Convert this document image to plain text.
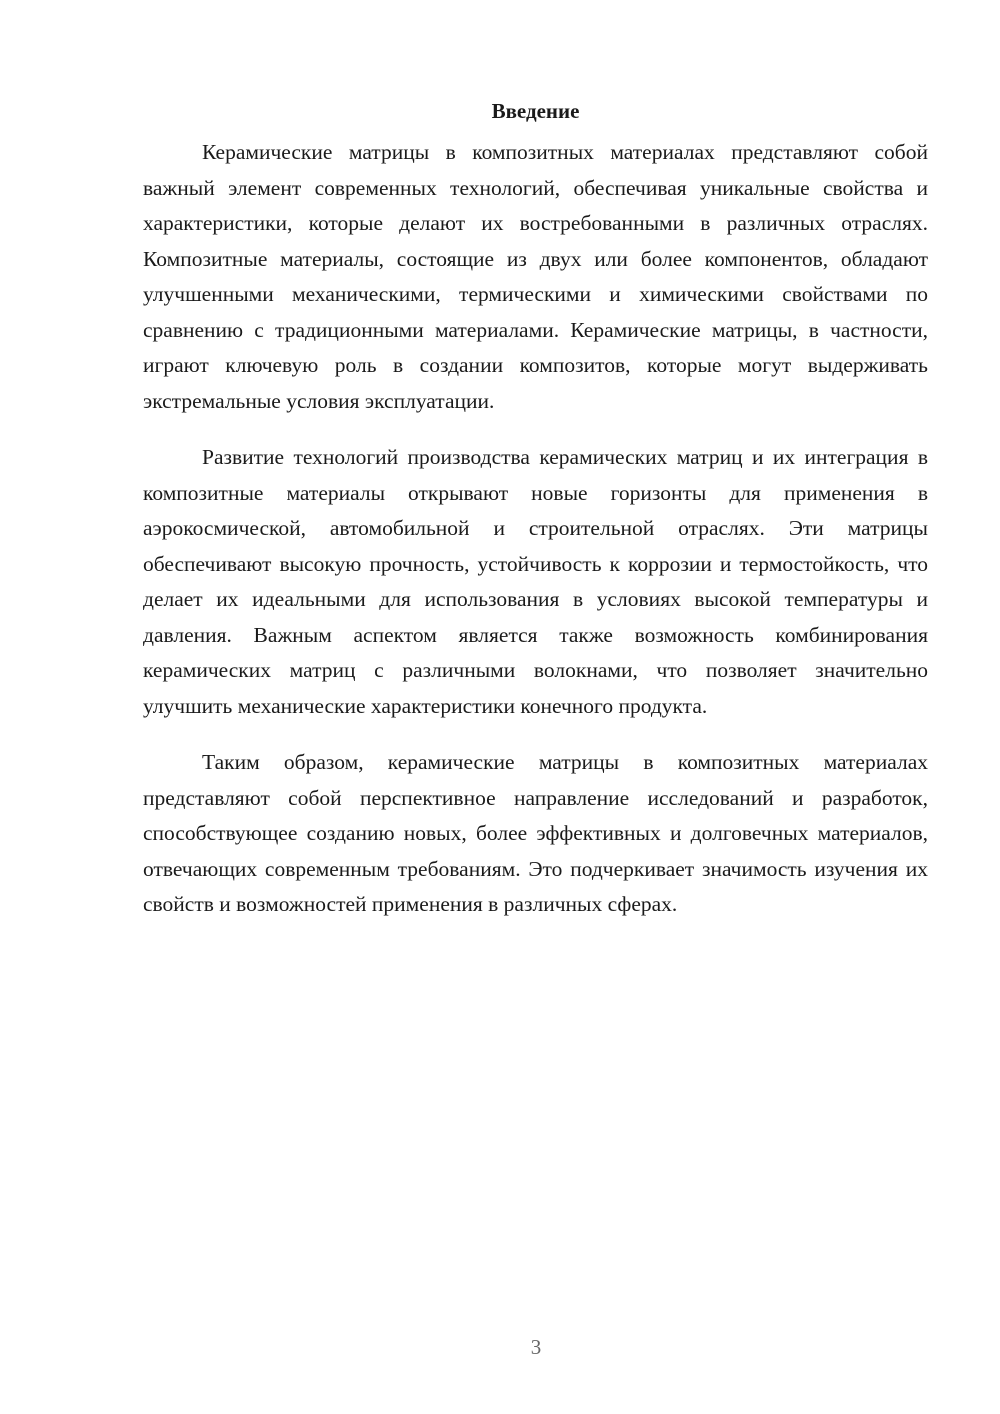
Введение

Керамические матрицы в композитных материалах представляют собой важный элемент современных технологий, обеспечивая уникальные свойства и характеристики, которые делают их востребованными в различных отраслях. Композитные материалы, состоящие из двух или более компонентов, обладают улучшенными механическими, термическими и химическими свойствами по сравнению с традиционными материалами. Керамические матрицы, в частности, играют ключевую роль в создании композитов, которые могут выдерживать экстремальные условия эксплуатации.

Развитие технологий производства керамических матриц и их интеграция в композитные материалы открывают новые горизонты для применения в аэрокосмической, автомобильной и строительной отраслях. Эти матрицы обеспечивают высокую прочность, устойчивость к коррозии и термостойкость, что делает их идеальными для использования в условиях высокой температуры и давления. Важным аспектом является также возможность комбинирования керамических матриц с различными волокнами, что позволяет значительно улучшить механические характеристики конечного продукта.

Таким образом, керамические матрицы в композитных материалах представляют собой перспективное направление исследований и разработок, способствующее созданию новых, более эффективных и долговечных материалов, отвечающих современным требованиям. Это подчеркивает значимость изучения их свойств и возможностей применения в различных сферах.

3
